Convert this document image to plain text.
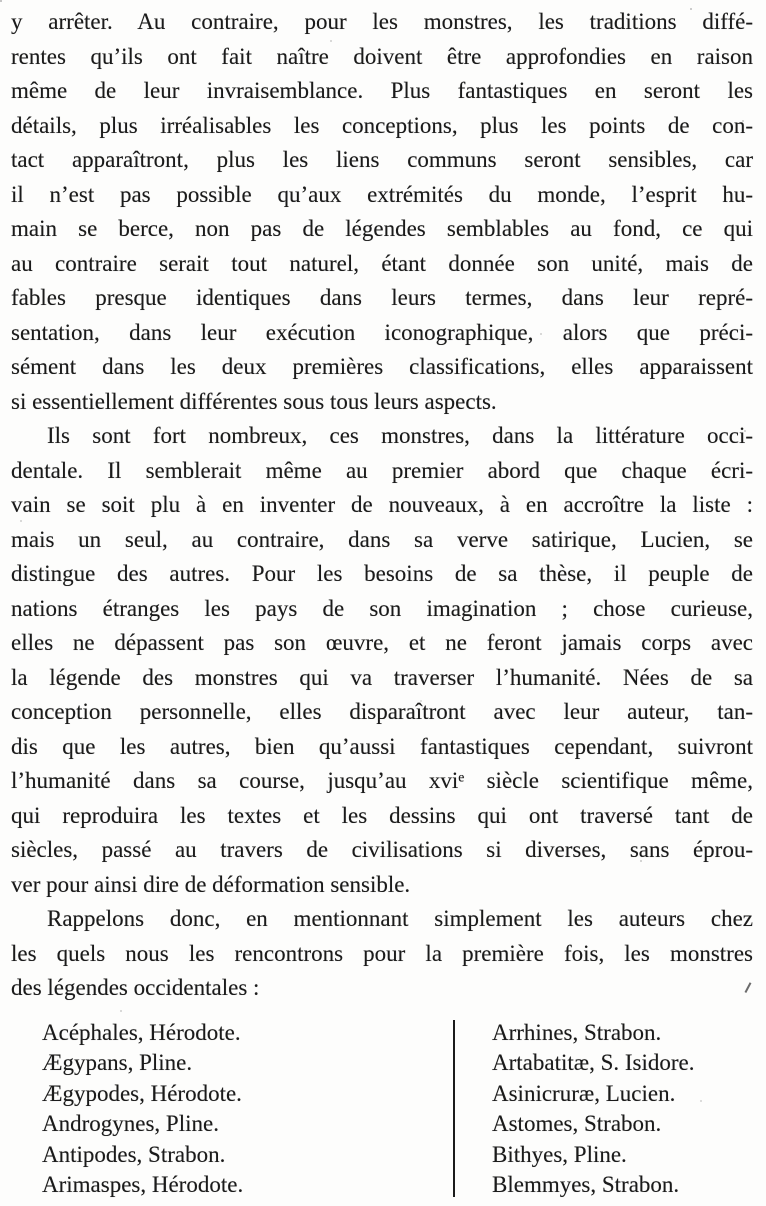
y arrêter. Au contraire, pour les monstres, les traditions diffé-
rentes qu’ils ont fait naître doivent être approfondies en raison
même de leur invraisemblance. Plus fantastiques en seront les
détails, plus irréalisables les conceptions, plus les points de con-
tact apparaîtront, plus les liens communs seront sensibles, car
il n’est pas possible qu’aux extrémités du monde, l’esprit hu-
main se berce, non pas de légendes semblables au fond, ce qui
au contraire serait tout naturel, étant donnée son unité, mais de
fables presque identiques dans leurs termes, dans leur repré-
sentation, dans leur exécution iconographique, alors que préci-
sément dans les deux premières classifications, elles apparaissent
si essentiellement différentes sous tous leurs aspects.
Ils sont fort nombreux, ces monstres, dans la littérature occi-
dentale. Il semblerait même au premier abord que chaque écri-
vain se soit plu à en inventer de nouveaux, à en accroître la liste :
mais un seul, au contraire, dans sa verve satirique, Lucien, se
distingue des autres. Pour les besoins de sa thèse, il peuple de
nations étranges les pays de son imagination ; chose curieuse,
elles ne dépassent pas son œuvre, et ne feront jamais corps avec
la légende des monstres qui va traverser l’humanité. Nées de sa
conception personnelle, elles disparaîtront avec leur auteur, tan-
dis que les autres, bien qu’aussi fantastiques cependant, suivront
l’humanité dans sa course, jusqu’au xviᵉ siècle scientifique même,
qui reproduira les textes et les dessins qui ont traversé tant de
siècles, passé au travers de civilisations si diverses, sans éprou-
ver pour ainsi dire de déformation sensible.
Rappelons donc, en mentionnant simplement les auteurs chez
les quels nous les rencontrons pour la première fois, les monstres
des légendes occidentales :
Acéphales, Hérodote.
Ægypans, Pline.
Ægypodes, Hérodote.
Androgynes, Pline.
Antipodes, Strabon.
Arimaspes, Hérodote.
Arrhines, Strabon.
Artabatitæ, S. Isidore.
Asinicruræ, Lucien.
Astomes, Strabon.
Bithyes, Pline.
Blemmyes, Strabon.
